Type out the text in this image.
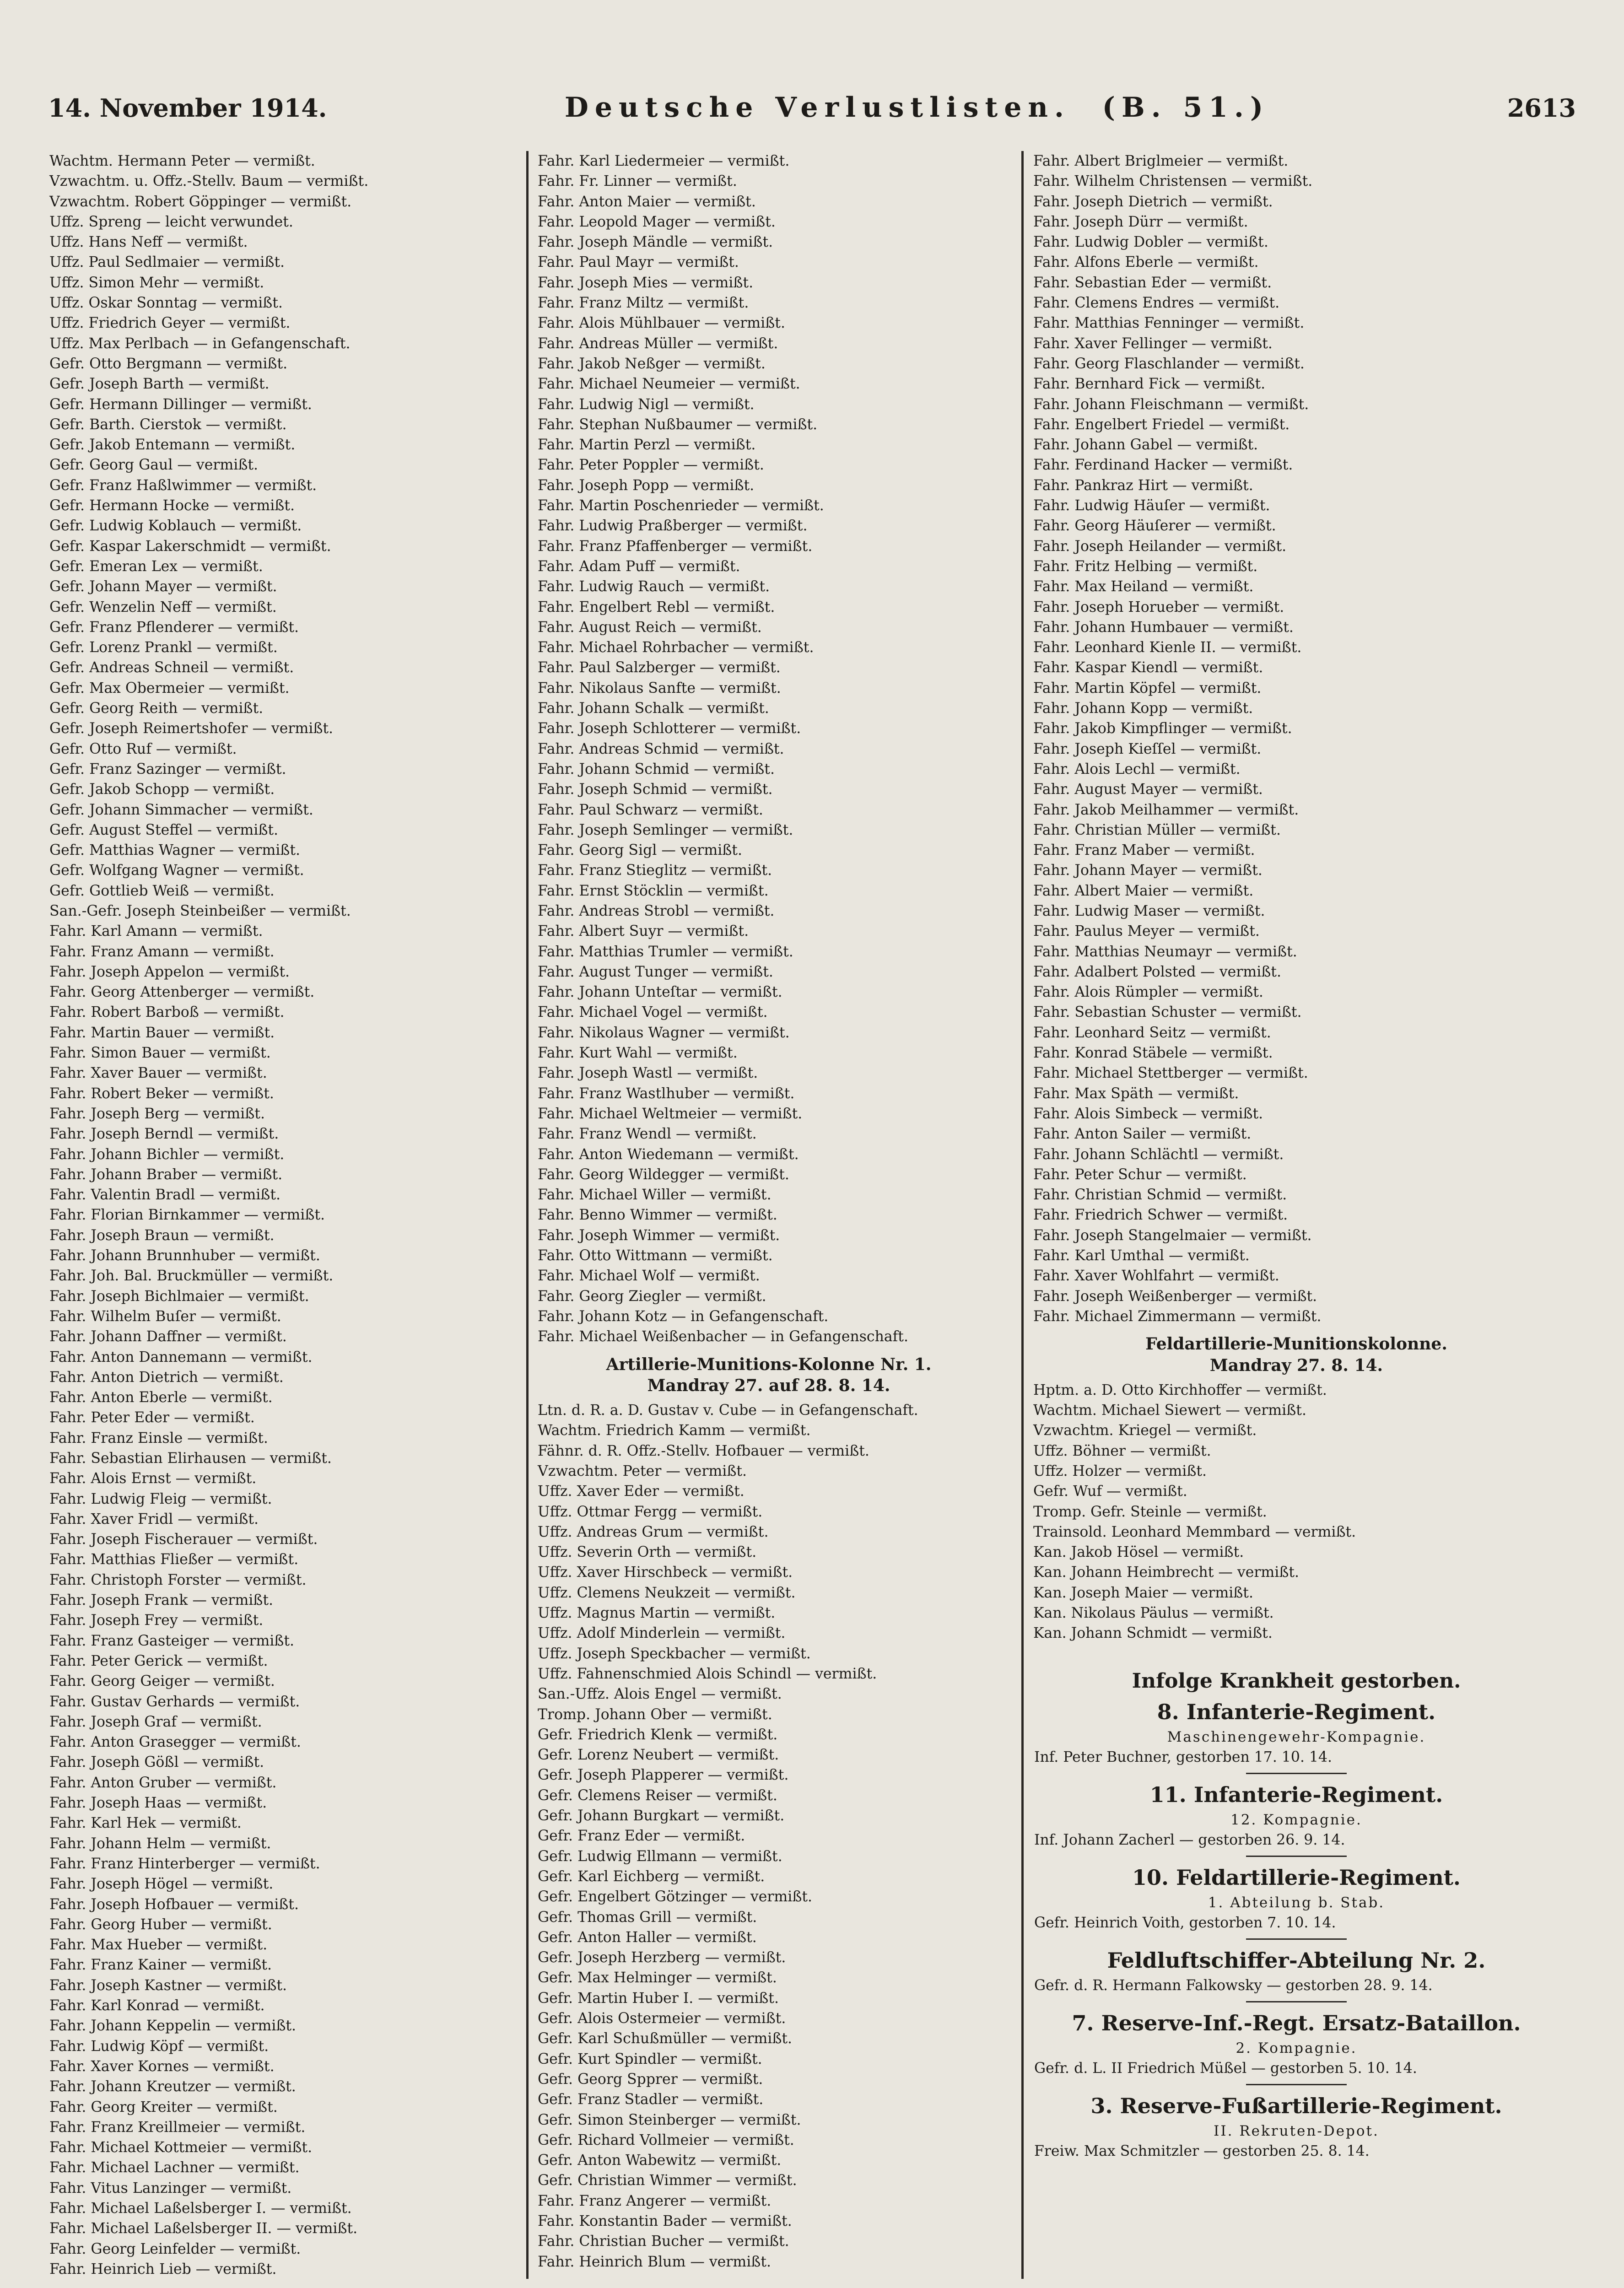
14. November 1914.	Deutsche Verlustlisten. (B. 51.)	2613
Wachtm. Hermann Peter — vermißt.
Vzwachtm. u. Offz.-Stellv. Baum — vermißt.
Vzwachtm. Robert Göppinger — vermißt.
Uffz. Spreng — leicht verwundet.
Uffz. Hans Neff — vermißt.
Uffz. Paul Sedlmaier — vermißt.
Uffz. Simon Mehr — vermißt.
Uffz. Oskar Sonntag — vermißt.
Uffz. Friedrich Geyer — vermißt.
Uffz. Max Perlbach — in Gefangenschaft.
Gefr. Otto Bergmann — vermißt.
Gefr. Joseph Barth — vermißt.
Gefr. Hermann Dillinger — vermißt.
Gefr. Barth. Cierstok — vermißt.
Gefr. Jakob Entemann — vermißt.
Gefr. Georg Gaul — vermißt.
Gefr. Franz Haßlwimmer — vermißt.
Gefr. Hermann Hocke — vermißt.
Gefr. Ludwig Koblauch — vermißt.
Gefr. Kaspar Lakerschmidt — vermißt.
Gefr. Emeran Lex — vermißt.
Gefr. Johann Mayer — vermißt.
Gefr. Wenzelin Neff — vermißt.
Gefr. Franz Pflenderer — vermißt.
Gefr. Lorenz Prankl — vermißt.
Gefr. Andreas Schneil — vermißt.
Gefr. Max Obermeier — vermißt.
Gefr. Georg Reith — vermißt.
Gefr. Joseph Reimertshofer — vermißt.
Gefr. Otto Ruf — vermißt.
Gefr. Franz Sazinger — vermißt.
Gefr. Jakob Schopp — vermißt.
Gefr. Johann Simmacher — vermißt.
Gefr. August Steffel — vermißt.
Gefr. Matthias Wagner — vermißt.
Gefr. Wolfgang Wagner — vermißt.
Gefr. Gottlieb Weiß — vermißt.
San.-Gefr. Joseph Steinbeißer — vermißt.
Fahr. Karl Amann — vermißt.
Fahr. Franz Amann — vermißt.
Fahr. Joseph Appelon — vermißt.
Fahr. Georg Attenberger — vermißt.
Fahr. Robert Barboß — vermißt.
Fahr. Martin Bauer — vermißt.
Fahr. Simon Bauer — vermißt.
Fahr. Xaver Bauer — vermißt.
Fahr. Robert Beker — vermißt.
Fahr. Joseph Berg — vermißt.
Fahr. Joseph Berndl — vermißt.
Fahr. Johann Bichler — vermißt.
Fahr. Johann Braber — vermißt.
Fahr. Valentin Bradl — vermißt.
Fahr. Florian Birnkammer — vermißt.
Fahr. Joseph Braun — vermißt.
Fahr. Johann Brunnhuber — vermißt.
Fahr. Joh. Bal. Bruckmüller — vermißt.
Fahr. Joseph Bichlmaier — vermißt.
Fahr. Wilhelm Buſer — vermißt.
Fahr. Johann Daffner — vermißt.
Fahr. Anton Dannemann — vermißt.
Fahr. Anton Dietrich — vermißt.
Fahr. Anton Eberle — vermißt.
Fahr. Peter Eder — vermißt.
Fahr. Franz Einsle — vermißt.
Fahr. Sebastian Elirhausen — vermißt.
Fahr. Alois Ernst — vermißt.
Fahr. Ludwig Fleig — vermißt.
Fahr. Xaver Fridl — vermißt.
Fahr. Joseph Fischerauer — vermißt.
Fahr. Matthias Fließer — vermißt.
Fahr. Christoph Forster — vermißt.
Fahr. Joseph Frank — vermißt.
Fahr. Joseph Frey — vermißt.
Fahr. Franz Gasteiger — vermißt.
Fahr. Peter Gerick — vermißt.
Fahr. Georg Geiger — vermißt.
Fahr. Gustav Gerhards — vermißt.
Fahr. Joseph Graf — vermißt.
Fahr. Anton Grasegger — vermißt.
Fahr. Joseph Gößl — vermißt.
Fahr. Anton Gruber — vermißt.
Fahr. Joseph Haas — vermißt.
Fahr. Karl Hek — vermißt.
Fahr. Johann Helm — vermißt.
Fahr. Franz Hinterberger — vermißt.
Fahr. Joseph Högel — vermißt.
Fahr. Joseph Hofbauer — vermißt.
Fahr. Georg Huber — vermißt.
Fahr. Max Hueber — vermißt.
Fahr. Franz Kainer — vermißt.
Fahr. Joseph Kastner — vermißt.
Fahr. Karl Konrad — vermißt.
Fahr. Johann Keppelin — vermißt.
Fahr. Ludwig Köpf — vermißt.
Fahr. Xaver Kornes — vermißt.
Fahr. Johann Kreutzer — vermißt.
Fahr. Georg Kreiter — vermißt.
Fahr. Franz Kreillmeier — vermißt.
Fahr. Michael Kottmeier — vermißt.
Fahr. Michael Lachner — vermißt.
Fahr. Vitus Lanzinger — vermißt.
Fahr. Michael Laßelsberger I. — vermißt.
Fahr. Michael Laßelsberger II. — vermißt.
Fahr. Georg Leinfelder — vermißt.
Fahr. Heinrich Lieb — vermißt.
Fahr. Karl Liedermeier — vermißt.
Fahr. Fr. Linner — vermißt.
Fahr. Anton Maier — vermißt.
Fahr. Leopold Mager — vermißt.
Fahr. Joseph Mändle — vermißt.
Fahr. Paul Mayr — vermißt.
Fahr. Joseph Mies — vermißt.
Fahr. Franz Miltz — vermißt.
Fahr. Alois Mühlbauer — vermißt.
Fahr. Andreas Müller — vermißt.
Fahr. Jakob Neßger — vermißt.
Fahr. Michael Neumeier — vermißt.
Fahr. Ludwig Nigl — vermißt.
Fahr. Stephan Nußbaumer — vermißt.
Fahr. Martin Perzl — vermißt.
Fahr. Peter Poppler — vermißt.
Fahr. Joseph Popp — vermißt.
Fahr. Martin Poschenrieder — vermißt.
Fahr. Ludwig Praßberger — vermißt.
Fahr. Franz Pfaffenberger — vermißt.
Fahr. Adam Puff — vermißt.
Fahr. Ludwig Rauch — vermißt.
Fahr. Engelbert Rebl — vermißt.
Fahr. August Reich — vermißt.
Fahr. Michael Rohrbacher — vermißt.
Fahr. Paul Salzberger — vermißt.
Fahr. Nikolaus Sanfte — vermißt.
Fahr. Johann Schalk — vermißt.
Fahr. Joseph Schlotterer — vermißt.
Fahr. Andreas Schmid — vermißt.
Fahr. Johann Schmid — vermißt.
Fahr. Joseph Schmid — vermißt.
Fahr. Paul Schwarz — vermißt.
Fahr. Joseph Semlinger — vermißt.
Fahr. Georg Sigl — vermißt.
Fahr. Franz Stieglitz — vermißt.
Fahr. Ernst Stöcklin — vermißt.
Fahr. Andreas Strobl — vermißt.
Fahr. Albert Suyr — vermißt.
Fahr. Matthias Trumler — vermißt.
Fahr. August Tunger — vermißt.
Fahr. Johann Unteſtar — vermißt.
Fahr. Michael Vogel — vermißt.
Fahr. Nikolaus Wagner — vermißt.
Fahr. Kurt Wahl — vermißt.
Fahr. Joseph Wastl — vermißt.
Fahr. Franz Wastlhuber — vermißt.
Fahr. Michael Weltmeier — vermißt.
Fahr. Franz Wendl — vermißt.
Fahr. Anton Wiedemann — vermißt.
Fahr. Georg Wildegger — vermißt.
Fahr. Michael Willer — vermißt.
Fahr. Benno Wimmer — vermißt.
Fahr. Joseph Wimmer — vermißt.
Fahr. Otto Wittmann — vermißt.
Fahr. Michael Wolf — vermißt.
Fahr. Georg Ziegler — vermißt.
Fahr. Johann Kotz — in Gefangenschaft.
Fahr. Michael Weißenbacher — in Gefangenschaft.
Artillerie-Munitions-Kolonne Nr. 1.
Mandray 27. auf 28. 8. 14.
Ltn. d. R. a. D. Gustav v. Cube — in Gefangenschaft.
Wachtm. Friedrich Kamm — vermißt.
Fähnr. d. R. Offz.-Stellv. Hofbauer — vermißt.
Vzwachtm. Peter — vermißt.
Uffz. Xaver Eder — vermißt.
Uffz. Ottmar Fergg — vermißt.
Uffz. Andreas Grum — vermißt.
Uffz. Severin Orth — vermißt.
Uffz. Xaver Hirschbeck — vermißt.
Uffz. Clemens Neukzeit — vermißt.
Uffz. Magnus Martin — vermißt.
Uffz. Adolf Minderlein — vermißt.
Uffz. Joseph Speckbacher — vermißt.
Uffz. Fahnenschmied Alois Schindl — vermißt.
San.-Uffz. Alois Engel — vermißt.
Tromp. Johann Ober — vermißt.
Gefr. Friedrich Klenk — vermißt.
Gefr. Lorenz Neubert — vermißt.
Gefr. Joseph Plapperer — vermißt.
Gefr. Clemens Reiser — vermißt.
Gefr. Johann Burgkart — vermißt.
Gefr. Franz Eder — vermißt.
Gefr. Ludwig Ellmann — vermißt.
Gefr. Karl Eichberg — vermißt.
Gefr. Engelbert Götzinger — vermißt.
Gefr. Thomas Grill — vermißt.
Gefr. Anton Haller — vermißt.
Gefr. Joseph Herzberg — vermißt.
Gefr. Max Helminger — vermißt.
Gefr. Martin Huber I. — vermißt.
Gefr. Alois Ostermeier — vermißt.
Gefr. Karl Schußmüller — vermißt.
Gefr. Kurt Spindler — vermißt.
Gefr. Georg Spprer — vermißt.
Gefr. Franz Stadler — vermißt.
Gefr. Simon Steinberger — vermißt.
Gefr. Richard Vollmeier — vermißt.
Gefr. Anton Wabewitz — vermißt.
Gefr. Christian Wimmer — vermißt.
Fahr. Franz Angerer — vermißt.
Fahr. Konstantin Bader — vermißt.
Fahr. Christian Bucher — vermißt.
Fahr. Heinrich Blum — vermißt.
Fahr. Albert Briglmeier — vermißt.
Fahr. Wilhelm Christensen — vermißt.
Fahr. Joseph Dietrich — vermißt.
Fahr. Joseph Dürr — vermißt.
Fahr. Ludwig Dobler — vermißt.
Fahr. Alfons Eberle — vermißt.
Fahr. Sebastian Eder — vermißt.
Fahr. Clemens Endres — vermißt.
Fahr. Matthias Fenninger — vermißt.
Fahr. Xaver Fellinger — vermißt.
Fahr. Georg Flaschlander — vermißt.
Fahr. Bernhard Fick — vermißt.
Fahr. Johann Fleischmann — vermißt.
Fahr. Engelbert Friedel — vermißt.
Fahr. Johann Gabel — vermißt.
Fahr. Ferdinand Hacker — vermißt.
Fahr. Pankraz Hirt — vermißt.
Fahr. Ludwig Häuſer — vermißt.
Fahr. Georg Häuſerer — vermißt.
Fahr. Joseph Heilander — vermißt.
Fahr. Fritz Helbing — vermißt.
Fahr. Max Heiland — vermißt.
Fahr. Joseph Horueber — vermißt.
Fahr. Johann Humbauer — vermißt.
Fahr. Leonhard Kienle II. — vermißt.
Fahr. Kaspar Kiendl — vermißt.
Fahr. Martin Köpfel — vermißt.
Fahr. Johann Kopp — vermißt.
Fahr. Jakob Kimpflinger — vermißt.
Fahr. Joseph Kieſſel — vermißt.
Fahr. Alois Lechl — vermißt.
Fahr. August Mayer — vermißt.
Fahr. Jakob Meilhammer — vermißt.
Fahr. Christian Müller — vermißt.
Fahr. Franz Maber — vermißt.
Fahr. Johann Mayer — vermißt.
Fahr. Albert Maier — vermißt.
Fahr. Ludwig Maser — vermißt.
Fahr. Paulus Meyer — vermißt.
Fahr. Matthias Neumayr — vermißt.
Fahr. Adalbert Polsted — vermißt.
Fahr. Alois Rümpler — vermißt.
Fahr. Sebastian Schuster — vermißt.
Fahr. Leonhard Seitz — vermißt.
Fahr. Konrad Stäbele — vermißt.
Fahr. Michael Stettberger — vermißt.
Fahr. Max Späth — vermißt.
Fahr. Alois Simbeck — vermißt.
Fahr. Anton Sailer — vermißt.
Fahr. Johann Schlächtl — vermißt.
Fahr. Peter Schur — vermißt.
Fahr. Christian Schmid — vermißt.
Fahr. Friedrich Schwer — vermißt.
Fahr. Joseph Stangelmaier — vermißt.
Fahr. Karl Umthal — vermißt.
Fahr. Xaver Wohlfahrt — vermißt.
Fahr. Joseph Weißenberger — vermißt.
Fahr. Michael Zimmermann — vermißt.
Feldartillerie-Munitionskolonne.
Mandray 27. 8. 14.
Hptm. a. D. Otto Kirchhoffer — vermißt.
Wachtm. Michael Siewert — vermißt.
Vzwachtm. Kriegel — vermißt.
Uffz. Böhner — vermißt.
Uffz. Holzer — vermißt.
Gefr. Wuf — vermißt.
Tromp. Gefr. Steinle — vermißt.
Trainsold. Leonhard Memmbard — vermißt.
Kan. Jakob Hösel — vermißt.
Kan. Johann Heimbrecht — vermißt.
Kan. Joseph Maier — vermißt.
Kan. Nikolaus Päulus — vermißt.
Kan. Johann Schmidt — vermißt.
Infolge Krankheit gestorben.
8. Infanterie-Regiment.
Maschinengewehr-Kompagnie.
Inf. Peter Buchner, gestorben 17. 10. 14.
11. Infanterie-Regiment.
12. Kompagnie.
Inf. Johann Zacherl — gestorben 26. 9. 14.
10. Feldartillerie-Regiment.
1. Abteilung b. Stab.
Gefr. Heinrich Voith, gestorben 7. 10. 14.
Feldluftschiffer-Abteilung Nr. 2.
Gefr. d. R. Hermann Falkowsky — gestorben 28. 9. 14.
7. Reserve-Inf.-Regt. Ersatz-Bataillon.
2. Kompagnie.
Gefr. d. L. II Friedrich Müßel — gestorben 5. 10. 14.
3. Reserve-Fußartillerie-Regiment.
II. Rekruten-Depot.
Freiw. Max Schmitzler — gestorben 25. 8. 14.
